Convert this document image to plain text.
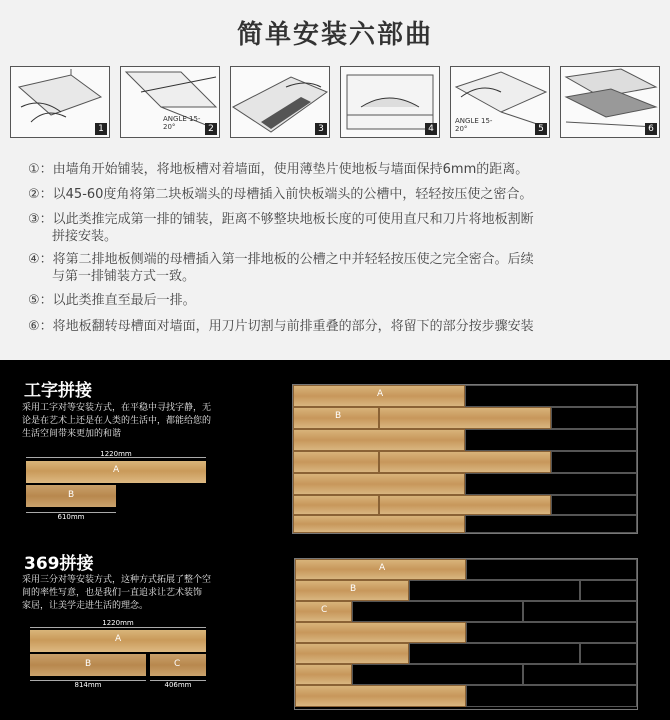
简单安装六部曲
1
ANGLE 15-20°	2	3	4
ANGLE 15-20°	5	6
①：由墙角开始铺装，将地板槽对着墙面，使用薄垫片使地板与墙面保持6mm的距离。
②：以45-60度角将第二块板端头的母槽插入前快板端头的公槽中，轻轻按压使之密合。
③：以此类推完成第一排的铺装，距离不够整块地板长度的可使用直尺和刀片将地板割断
拼接安装。
④：将第二排地板侧端的母槽插入第一排地板的公槽之中并轻轻按压使之完全密合。后续
与第一排铺装方式一致。
⑤：以此类推直至最后一排。
⑥：将地板翻转母槽面对墙面，用刀片切割与前排重叠的部分，将留下的部分按步骤安装
工字拼接
采用工字对等安装方式，在平稳中寻找字静，无
论是在艺术上还是在人类的生活中，都能给您的
生活空间带来更加的和谐
1220mm
A
B
610mm
A
B
369拼接
采用三分对等安装方式，这种方式拓展了整个空
间的率性写意，也是我们一直追求让艺术装饰
家居，让美学走进生活的理念。
1220mm
A
B	C
814mm	406mm
A
B
C
